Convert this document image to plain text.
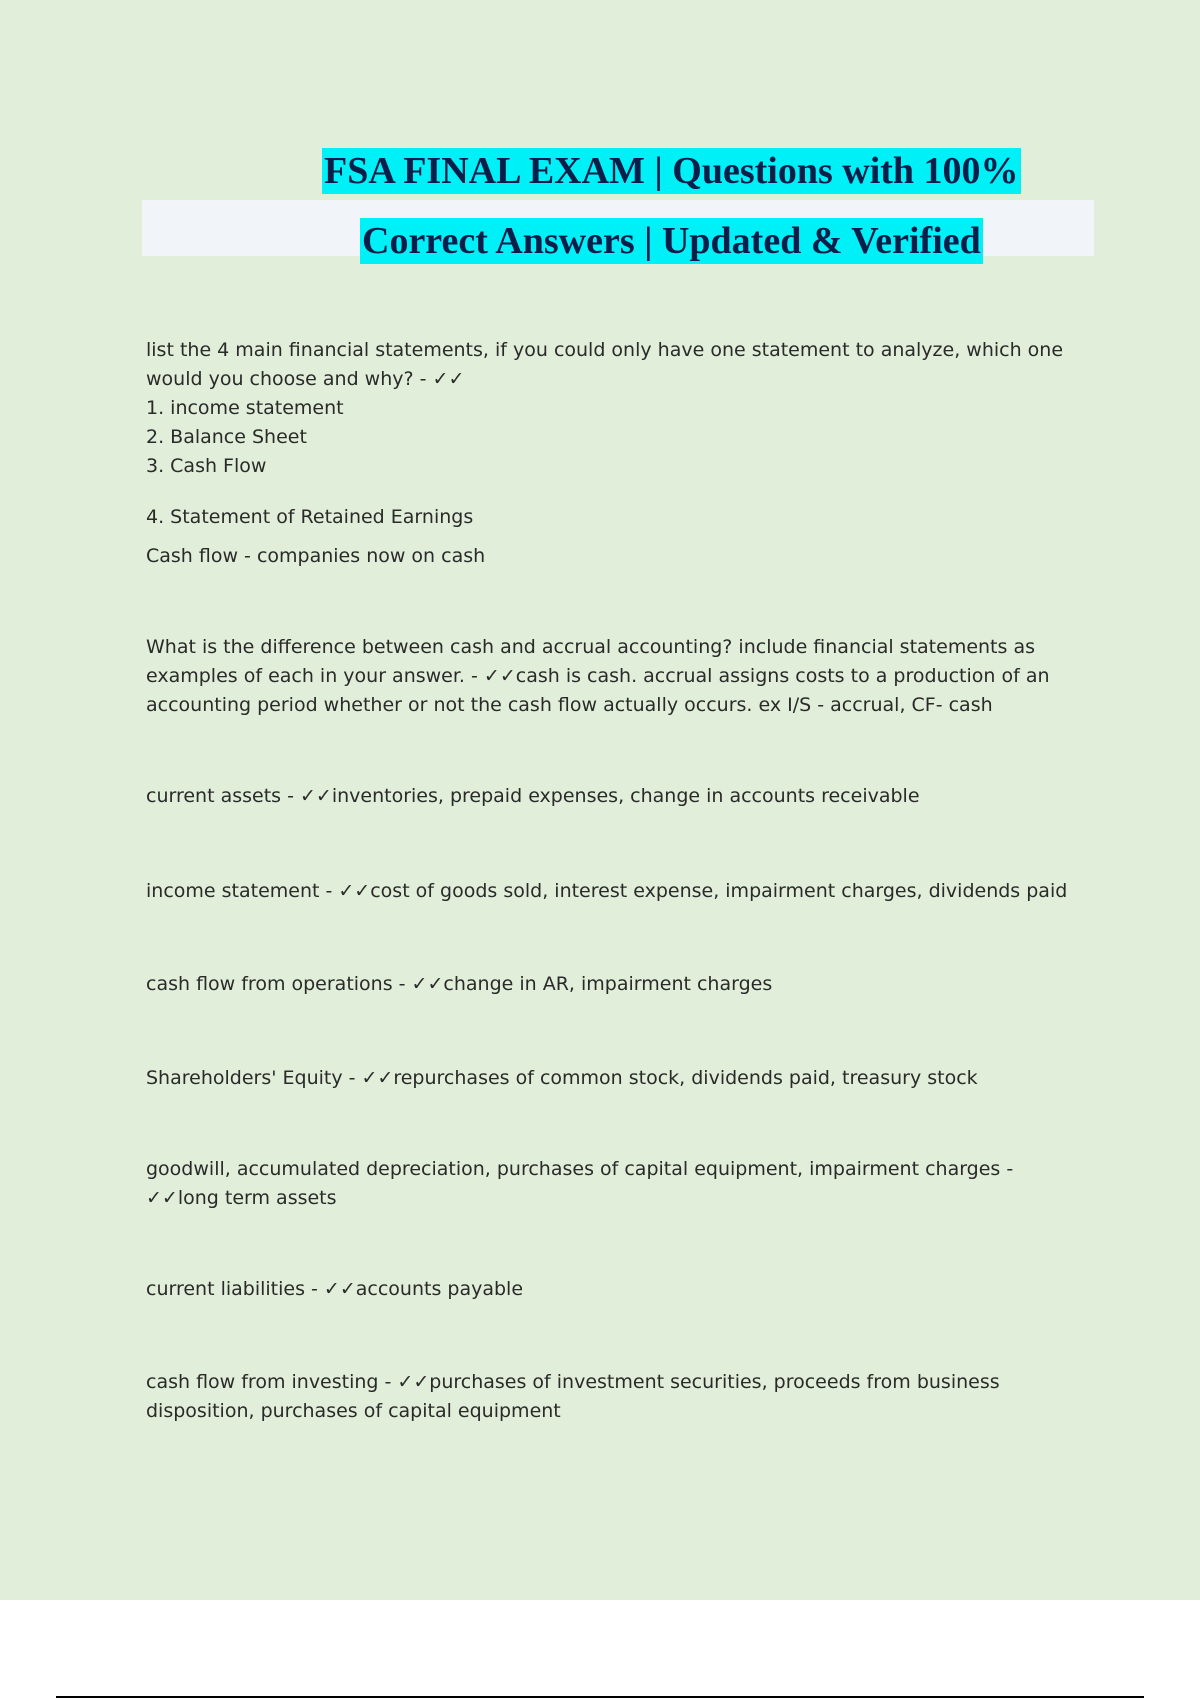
FSA FINAL EXAM | Questions with 100%
Correct Answers | Updated & Verified

list the 4 main financial statements, if you could only have one statement to analyze, which one would you choose and why? - ✓✓

1. income statement

2. Balance Sheet

3. Cash Flow

4. Statement of Retained Earnings

Cash flow - companies now on cash

What is the difference between cash and accrual accounting? include financial statements as examples of each in your answer. - ✓✓cash is cash. accrual assigns costs to a production of an accounting period whether or not the cash flow actually occurs. ex I/S - accrual, CF- cash

current assets - ✓✓inventories, prepaid expenses, change in accounts receivable

income statement - ✓✓cost of goods sold, interest expense, impairment charges, dividends paid

cash flow from operations - ✓✓change in AR, impairment charges

Shareholders' Equity - ✓✓repurchases of common stock, dividends paid, treasury stock

goodwill, accumulated depreciation, purchases of capital equipment, impairment charges - ✓✓long term assets

current liabilities - ✓✓accounts payable

cash flow from investing - ✓✓purchases of investment securities, proceeds from business disposition, purchases of capital equipment
